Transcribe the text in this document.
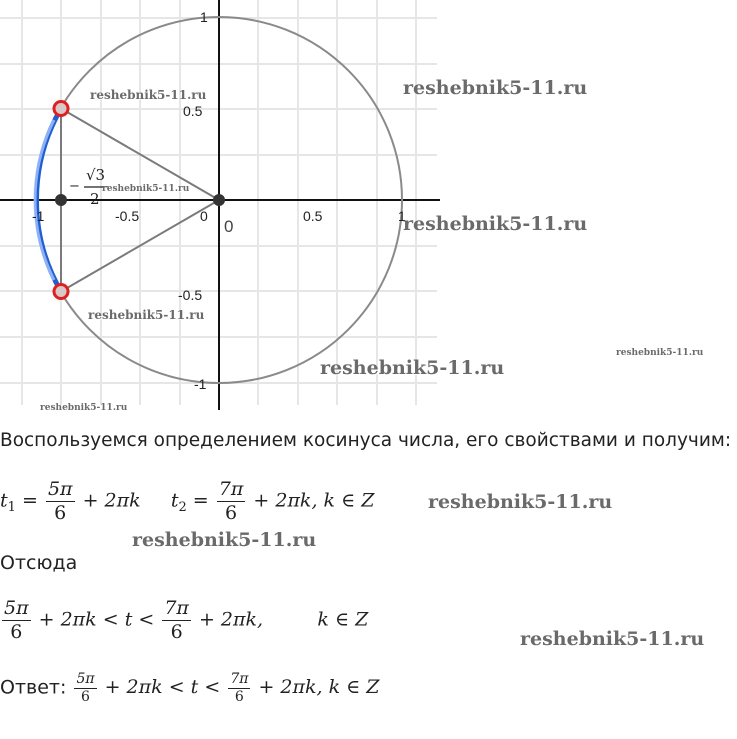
-1	-0.5	0	0.5	1
0
1
0.5
-0.5
-1
−
√3
2
reshebnik5-11.ru
reshebnik5-11.ru
reshebnik5-11.ru
reshebnik5-11.ru
reshebnik5-11.ru
reshebnik5-11.ru
reshebnik5-11.ru
reshebnik5-11.ru
reshebnik5-11.ru
reshebnik5-11.ru
reshebnik5-11.ru
Воспользуемся определением косинуса числа, его свойствами и получим:
$t_1 = \frac{5\pi}{6} + 2\pi k$ $t_2 = \frac{7\pi}{6} + 2\pi k$, k ∈ Z
Отсюда
$\frac{5\pi}{6} + 2\pi k < t < \frac{7\pi}{6} + 2\pi k$,	k ∈ Z
Ответ: $\frac{5\pi}{6} + 2\pi k < t < \frac{7\pi}{6} + 2\pi k$, k ∈ Z
